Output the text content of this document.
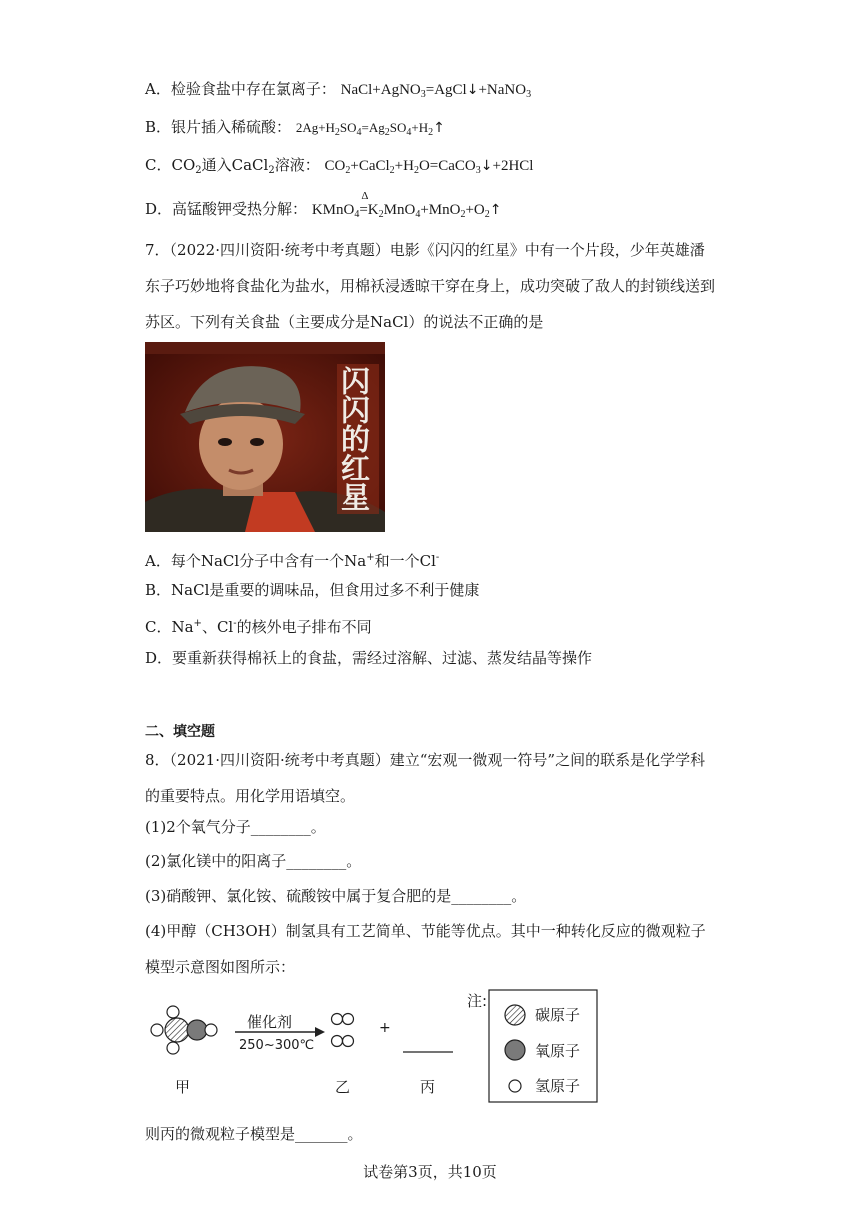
A．检验食盐中存在氯离子： NaCl+AgNO$_3$=AgCl↓+NaNO$_3$
B．银片插入稀硫酸： $2Ag+H_2SO_4=Ag_2SO_4+H_2↑$
C．$CO_2$通入CaCl$_2$溶液： $CO_2+CaCl_2+H_2O=CaCO_3↓+2HCl$
D．高锰酸钾受热分解： KMnO$_4$
Δ
$=K_2MnO_4+MnO_2+O_2↑$
7．（2022·四川资阳·统考中考真题）电影《闪闪的红星》中有一个片段，少年英雄潘东子巧妙地将食盐化为盐水，用棉袄浸透晾干穿在身上，成功突破了敌人的封锁线送到苏区。下列有关食盐（主要成分是NaCl）的说法不正确的是
闪闪的红星
A．每个NaCl分子中含有一个Na+和一个Cl-
B．NaCl是重要的调味品，但食用过多不利于健康
C．Na+、Cl-的核外电子排布不同
D．要重新获得棉袄上的食盐，需经过溶解、过滤、蒸发结晶等操作
二、填空题
8．（2021·四川资阳·统考中考真题）建立“宏观一微观一符号”之间的联系是化学学科的重要特点。用化学用语填空。
(1)2个氧气分子________。
(2)氯化镁中的阳离子________。
(3)硝酸钾、氯化铵、硫酸铵中属于复合肥的是________。
(4)甲醇（CH3OH）制氢具有工艺简单、节能等优点。其中一种转化反应的微观粒子模型示意图如图所示：
催化剂
250~300℃
+
甲	乙	丙
注:
碳原子
氧原子
氢原子
则丙的微观粒子模型是_______。
试卷第3页，共10页
